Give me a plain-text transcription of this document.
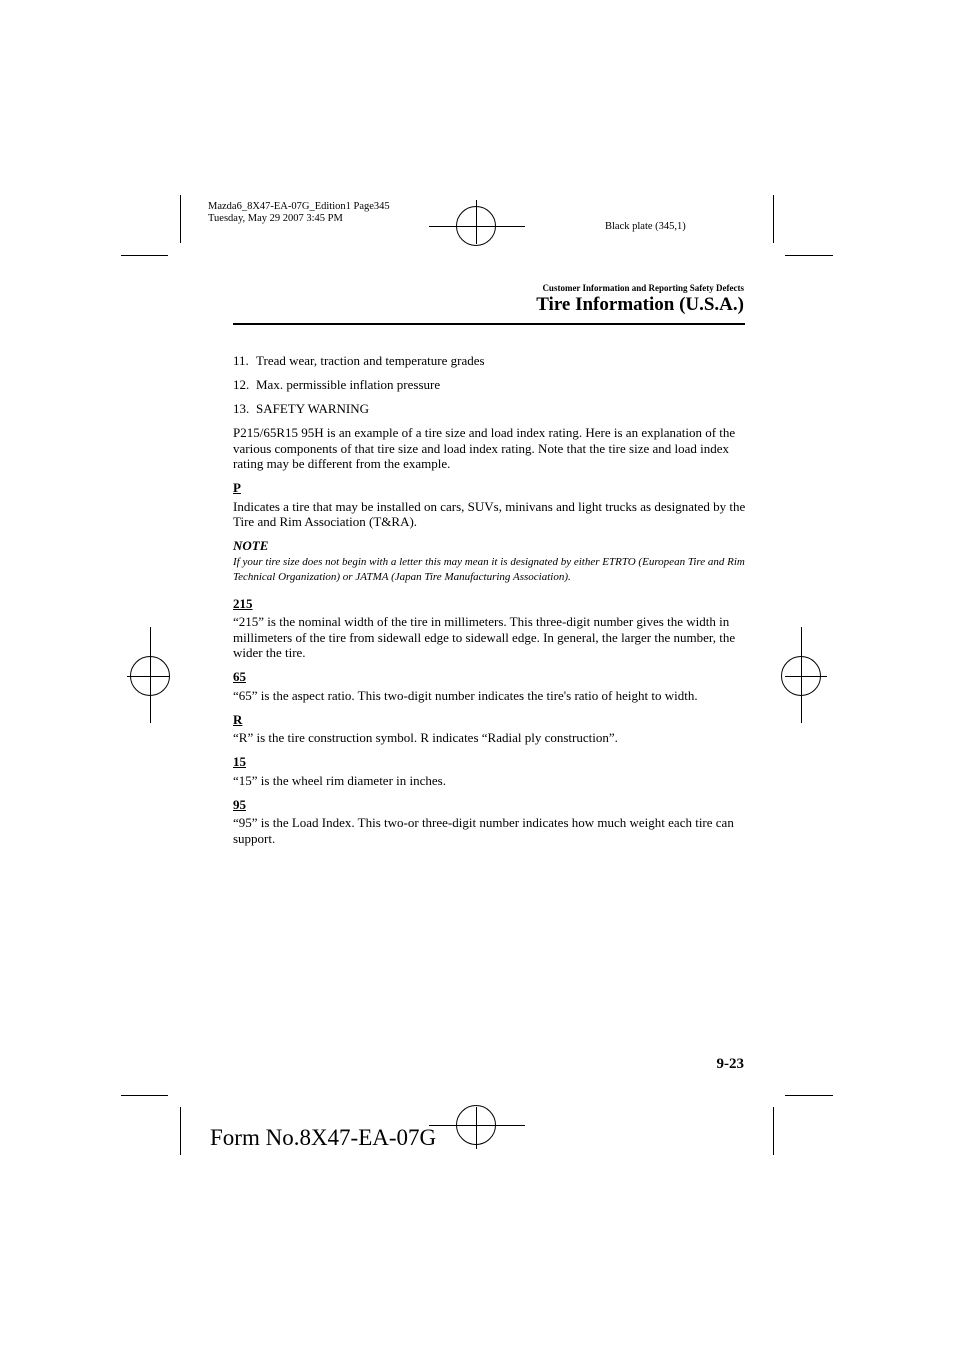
Mazda6_8X47-EA-07G_Edition1 Page345
Tuesday, May 29 2007 3:45 PM
Black plate (345,1)
Customer Information and Reporting Safety Defects
Tire Information (U.S.A.)
11. Tread wear, traction and temperature grades
12. Max. permissible inflation pressure
13. SAFETY WARNING

P215/65R15 95H is an example of a tire size and load index rating. Here is an explanation of the various components of that tire size and load index rating. Note that the tire size and load index rating may be different from the example.

P

Indicates a tire that may be installed on cars, SUVs, minivans and light trucks as designated by the Tire and Rim Association (T&RA).

NOTE

If your tire size does not begin with a letter this may mean it is designated by either ETRTO (European Tire and Rim Technical Organization) or JATMA (Japan Tire Manufacturing Association).

215

“215” is the nominal width of the tire in millimeters. This three-digit number gives the width in millimeters of the tire from sidewall edge to sidewall edge. In general, the larger the number, the wider the tire.

65

“65” is the aspect ratio. This two-digit number indicates the tire's ratio of height to width.

R

“R” is the tire construction symbol. R indicates “Radial ply construction”.

15

“15” is the wheel rim diameter in inches.

95

“95” is the Load Index. This two-or three-digit number indicates how much weight each tire can support.

9-23
Form No.8X47-EA-07G
